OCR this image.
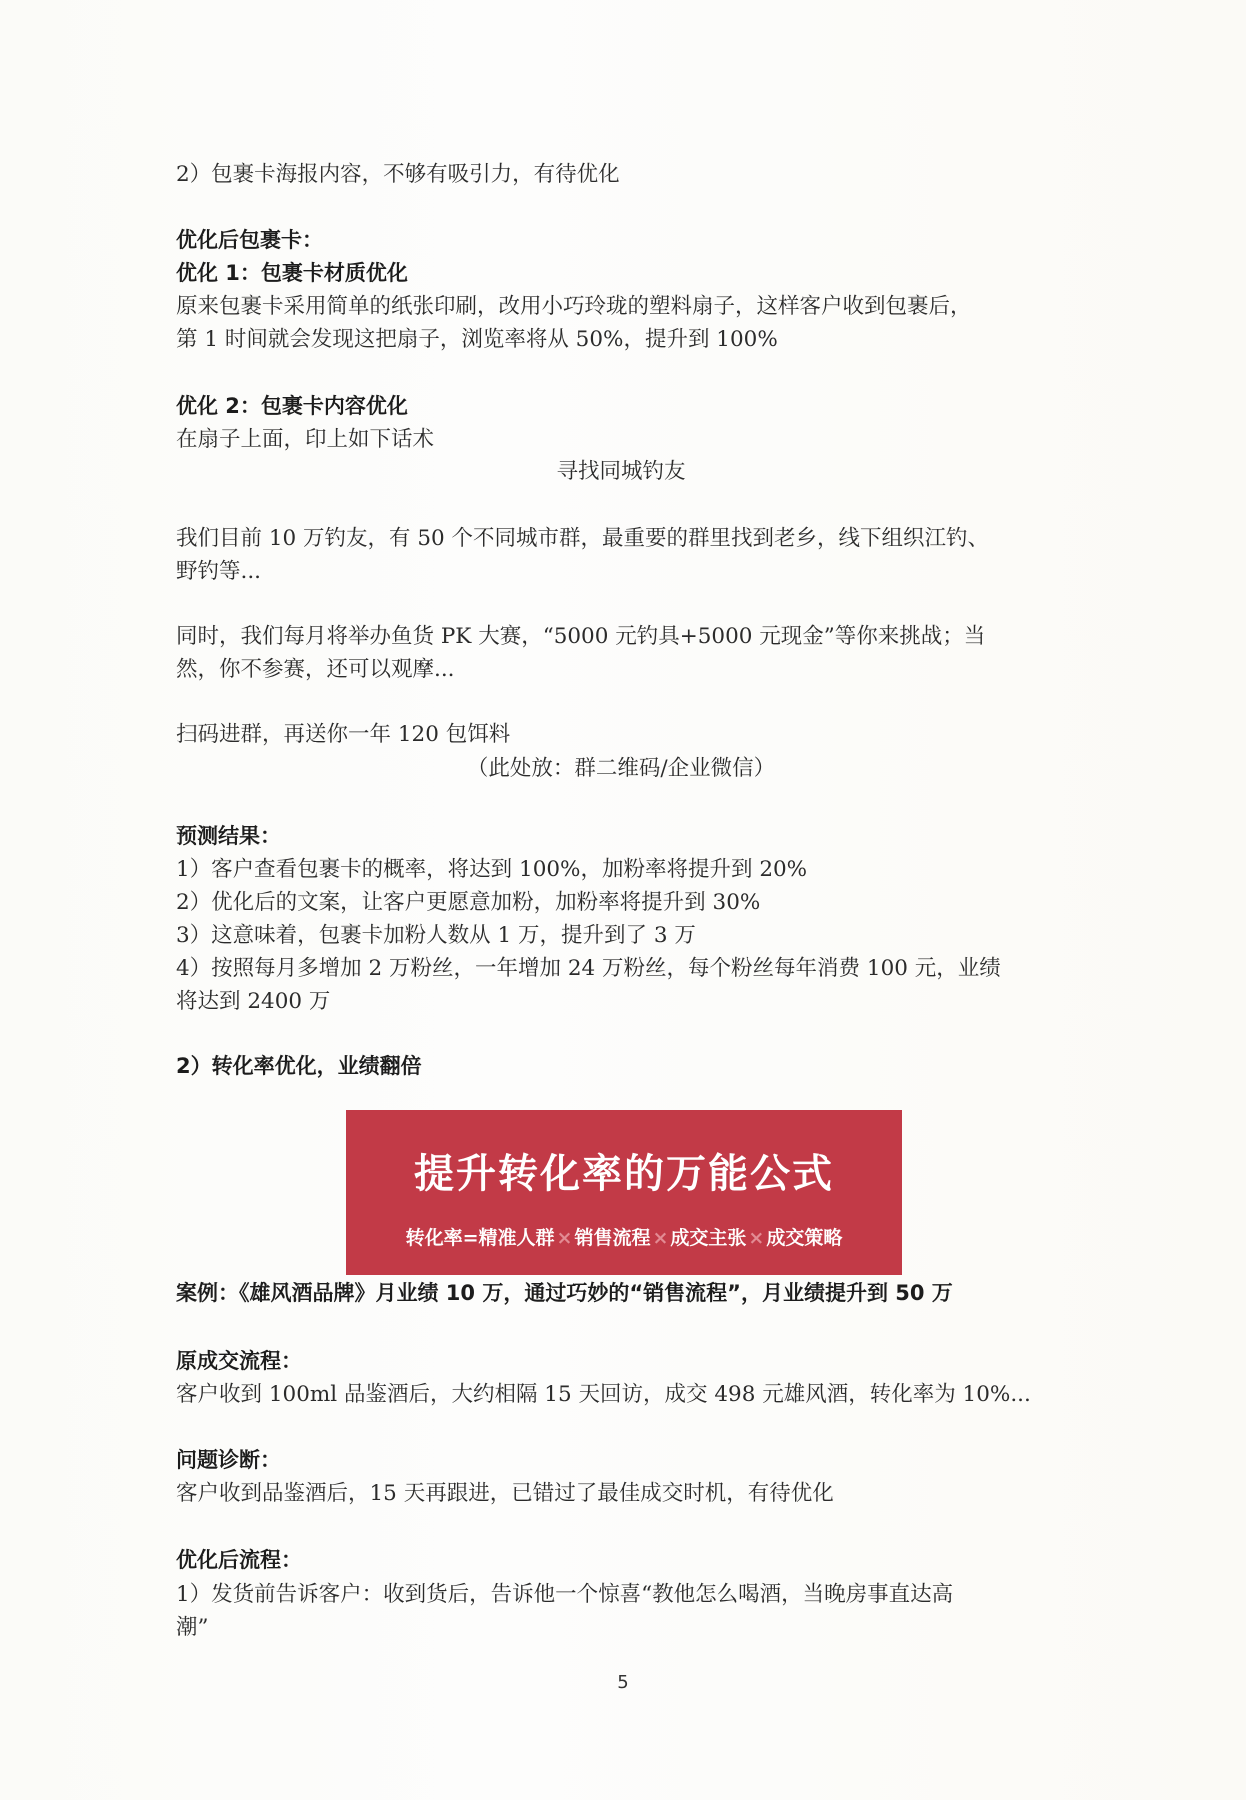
2）包裹卡海报内容，不够有吸引力，有待优化
优化后包裹卡：
优化 1：包裹卡材质优化
原来包裹卡采用简单的纸张印刷，改用小巧玲珑的塑料扇子，这样客户收到包裹后，
第 1 时间就会发现这把扇子，浏览率将从 50%，提升到 100%
优化 2：包裹卡内容优化
在扇子上面，印上如下话术
寻找同城钓友
我们目前 10 万钓友，有 50 个不同城市群，最重要的群里找到老乡，线下组织江钓、
野钓等...
同时，我们每月将举办鱼货 PK 大赛，“5000 元钓具+5000 元现金”等你来挑战；当
然，你不参赛，还可以观摩...
扫码进群，再送你一年 120 包饵料
（此处放：群二维码/企业微信）
预测结果：
1）客户查看包裹卡的概率，将达到 100%，加粉率将提升到 20%
2）优化后的文案，让客户更愿意加粉，加粉率将提升到 30%
3）这意味着，包裹卡加粉人数从 1 万，提升到了 3 万
4）按照每月多增加 2 万粉丝，一年增加 24 万粉丝，每个粉丝每年消费 100 元，业绩
将达到 2400 万
2）转化率优化，业绩翻倍
提升转化率的万能公式
转化率=精准人群 × 销售流程 × 成交主张 × 成交策略
案例：《雄风酒品牌》月业绩 10 万，通过巧妙的“销售流程”，月业绩提升到 50 万
原成交流程：
客户收到 100ml 品鉴酒后，大约相隔 15 天回访，成交 498 元雄风酒，转化率为 10%...
问题诊断：
客户收到品鉴酒后，15 天再跟进，已错过了最佳成交时机，有待优化
优化后流程：
1）发货前告诉客户：收到货后，告诉他一个惊喜“教他怎么喝酒，当晚房事直达高
潮”
5
